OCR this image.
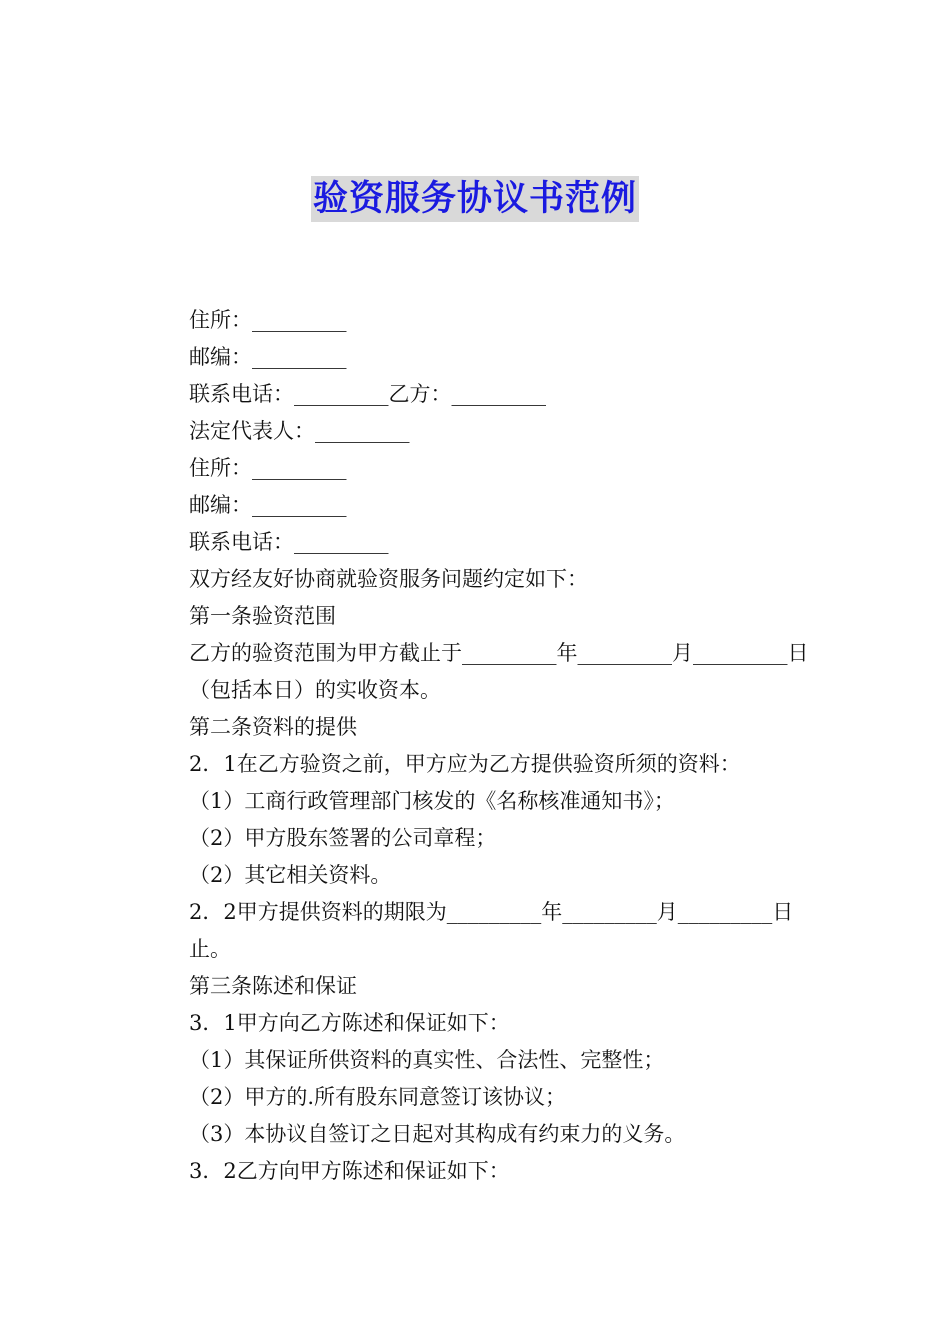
验资服务协议书范例

住所：_________

邮编：_________

联系电话：_________乙方：_________

法定代表人：_________

住所：_________

邮编：_________

联系电话：_________

双方经友好协商就验资服务问题约定如下：

第一条验资范围

乙方的验资范围为甲方截止于_________年_________月_________日（包括本日）的实收资本。

第二条资料的提供

2．1在乙方验资之前，甲方应为乙方提供验资所须的资料：

（1）工商行政管理部门核发的《名称核准通知书》；

（2）甲方股东签署的公司章程；

（2）其它相关资料。

2．2甲方提供资料的期限为_________年_________月_________日止。

第三条陈述和保证

3．1甲方向乙方陈述和保证如下：

（1）其保证所供资料的真实性、合法性、完整性；

（2）甲方的.所有股东同意签订该协议；

（3）本协议自签订之日起对其构成有约束力的义务。

3．2乙方向甲方陈述和保证如下：
